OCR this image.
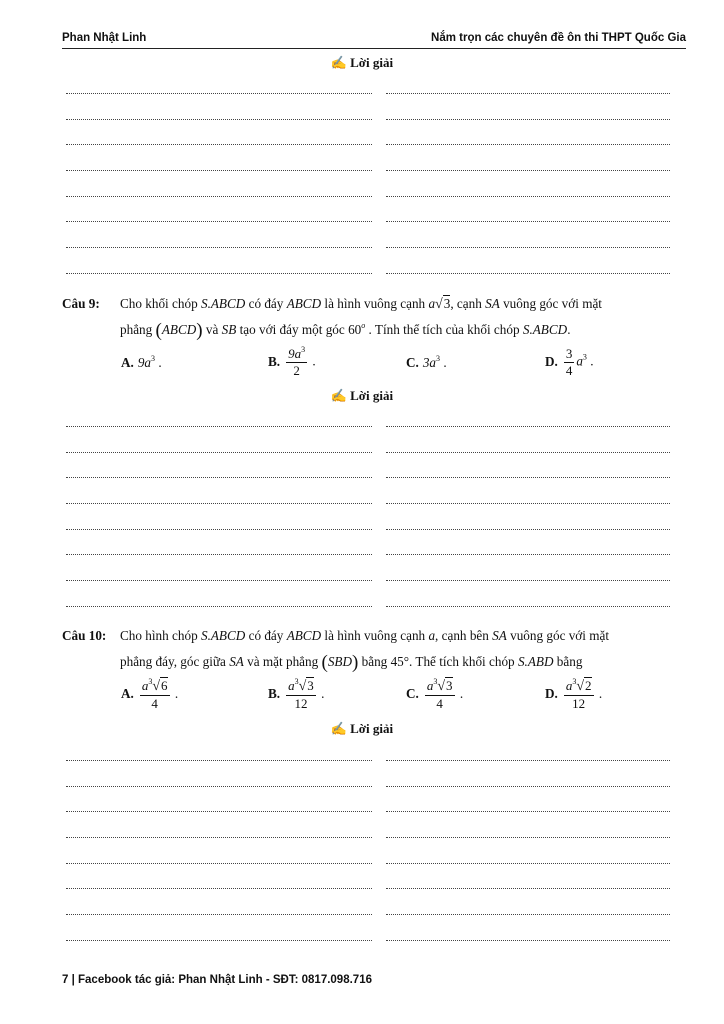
Phan Nhật Linh	Nắm trọn các chuyên đề ôn thi THPT Quốc Gia
✍ Lời giải
Câu 9: Cho khối chóp S.ABCD có đáy ABCD là hình vuông cạnh a√3, cạnh SA vuông góc với mặt
phẳng (ABCD) và SB tạo với đáy một góc 60$^o$ . Tính thể tích của khối chóp S.ABCD.
A. $9a^3$ .	B. $\frac{9a^3}{2}$ .	C. $3a^3$ .	D. $\frac{3}{4} a^3$ .
✍ Lời giải
Câu 10: Cho hình chóp S.ABCD có đáy ABCD là hình vuông cạnh a, cạnh bên SA vuông góc với mặt
phẳng đáy, góc giữa SA và mặt phẳng (SBD) bằng 45°. Thể tích khối chóp S.ABD bằng
A. $\frac{a^3√6}{4}$ .	B. $\frac{a^3√3}{12}$ .	C. $\frac{a^3√3}{4}$ .	D. $\frac{a^3√2}{12}$ .
✍ Lời giải
7 | Facebook tác giả: Phan Nhật Linh - SĐT: 0817.098.716
